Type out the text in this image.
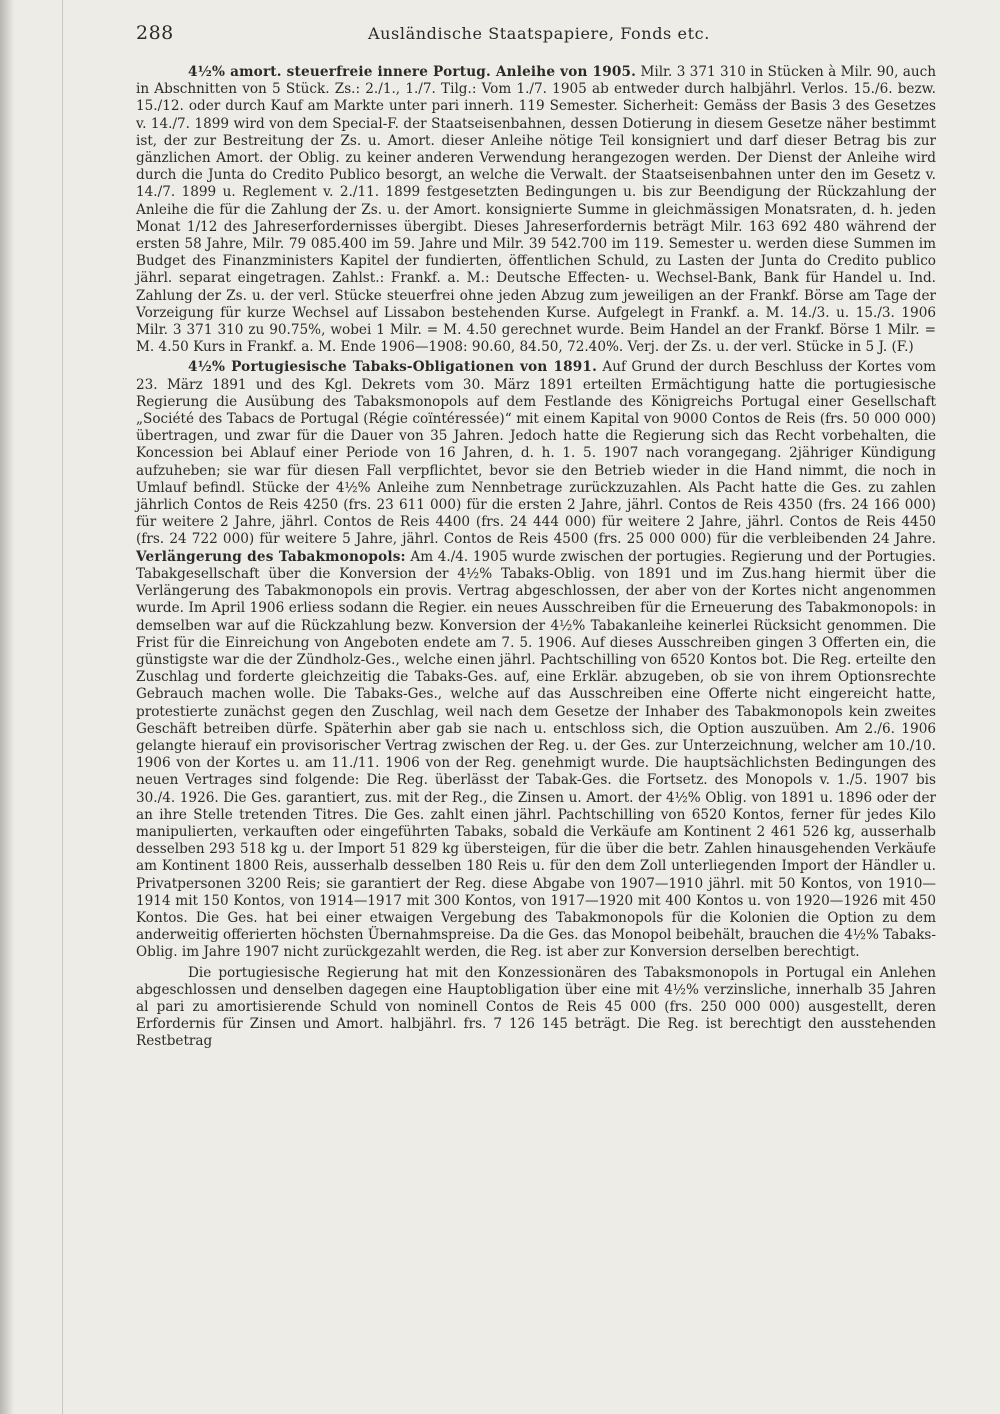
288	Ausländische Staatspapiere, Fonds etc.

4½% amort. steuerfreie innere Portug. Anleihe von 1905. Milr. 3 371 310 in Stücken à Milr. 90, auch in Abschnitten von 5 Stück. Zs.: 2./1., 1./7. Tilg.: Vom 1./7. 1905 ab entweder durch halbjährl. Verlos. 15./6. bezw. 15./12. oder durch Kauf am Markte unter pari innerh. 119 Semester. Sicherheit: Gemäss der Basis 3 des Gesetzes v. 14./7. 1899 wird von dem Special-F. der Staatseisenbahnen, dessen Dotierung in diesem Gesetze näher bestimmt ist, der zur Bestreitung der Zs. u. Amort. dieser Anleihe nötige Teil konsigniert und darf dieser Betrag bis zur gänzlichen Amort. der Oblig. zu keiner anderen Verwendung herangezogen werden. Der Dienst der Anleihe wird durch die Junta do Credito Publico besorgt, an welche die Verwalt. der Staatseisenbahnen unter den im Gesetz v. 14./7. 1899 u. Reglement v. 2./11. 1899 festgesetzten Bedingungen u. bis zur Beendigung der Rückzahlung der Anleihe die für die Zahlung der Zs. u. der Amort. konsignierte Summe in gleichmässigen Monatsraten, d. h. jeden Monat 1/12 des Jahreserfordernisses übergibt. Dieses Jahreserfordernis beträgt Milr. 163 692 480 während der ersten 58 Jahre, Milr. 79 085.400 im 59. Jahre und Milr. 39 542.700 im 119. Semester u. werden diese Summen im Budget des Finanzministers Kapitel der fundierten, öffentlichen Schuld, zu Lasten der Junta do Credito publico jährl. separat eingetragen. Zahlst.: Frankf. a. M.: Deutsche Effecten- u. Wechsel-Bank, Bank für Handel u. Ind. Zahlung der Zs. u. der verl. Stücke steuerfrei ohne jeden Abzug zum jeweiligen an der Frankf. Börse am Tage der Vorzeigung für kurze Wechsel auf Lissabon bestehenden Kurse. Aufgelegt in Frankf. a. M. 14./3. u. 15./3. 1906 Milr. 3 371 310 zu 90.75%, wobei 1 Milr. = M. 4.50 gerechnet wurde. Beim Handel an der Frankf. Börse 1 Milr. = M. 4.50 Kurs in Frankf. a. M. Ende 1906—1908: 90.60, 84.50, 72.40%. Verj. der Zs. u. der verl. Stücke in 5 J. (F.)

4½% Portugiesische Tabaks-Obligationen von 1891. Auf Grund der durch Beschluss der Kortes vom 23. März 1891 und des Kgl. Dekrets vom 30. März 1891 erteilten Ermächtigung hatte die portugiesische Regierung die Ausübung des Tabaksmonopols auf dem Festlande des Königreichs Portugal einer Gesellschaft „Société des Tabacs de Portugal (Régie coïntéressée)“ mit einem Kapital von 9000 Contos de Reis (frs. 50 000 000) übertragen, und zwar für die Dauer von 35 Jahren. Jedoch hatte die Regierung sich das Recht vorbehalten, die Koncession bei Ablauf einer Periode von 16 Jahren, d. h. 1. 5. 1907 nach vorangegang. 2jähriger Kündigung aufzuheben; sie war für diesen Fall verpflichtet, bevor sie den Betrieb wieder in die Hand nimmt, die noch in Umlauf befindl. Stücke der 4½% Anleihe zum Nennbetrage zurückzuzahlen. Als Pacht hatte die Ges. zu zahlen jährlich Contos de Reis 4250 (frs. 23 611 000) für die ersten 2 Jahre, jährl. Contos de Reis 4350 (frs. 24 166 000) für weitere 2 Jahre, jährl. Contos de Reis 4400 (frs. 24 444 000) für weitere 2 Jahre, jährl. Contos de Reis 4450 (frs. 24 722 000) für weitere 5 Jahre, jährl. Contos de Reis 4500 (frs. 25 000 000) für die verbleibenden 24 Jahre. Verlängerung des Tabakmonopols: Am 4./4. 1905 wurde zwischen der portugies. Regierung und der Portugies. Tabakgesellschaft über die Konversion der 4½% Tabaks-Oblig. von 1891 und im Zus.hang hiermit über die Verlängerung des Tabakmonopols ein provis. Vertrag abgeschlossen, der aber von der Kortes nicht angenommen wurde. Im April 1906 erliess sodann die Regier. ein neues Ausschreiben für die Erneuerung des Tabakmonopols: in demselben war auf die Rückzahlung bezw. Konversion der 4½% Tabakanleihe keinerlei Rücksicht genommen. Die Frist für die Einreichung von Angeboten endete am 7. 5. 1906. Auf dieses Ausschreiben gingen 3 Offerten ein, die günstigste war die der Zündholz-Ges., welche einen jährl. Pachtschilling von 6520 Kontos bot. Die Reg. erteilte den Zuschlag und forderte gleichzeitig die Tabaks-Ges. auf, eine Erklär. abzugeben, ob sie von ihrem Optionsrechte Gebrauch machen wolle. Die Tabaks-Ges., welche auf das Ausschreiben eine Offerte nicht eingereicht hatte, protestierte zunächst gegen den Zuschlag, weil nach dem Gesetze der Inhaber des Tabakmonopols kein zweites Geschäft betreiben dürfe. Späterhin aber gab sie nach u. entschloss sich, die Option auszuüben. Am 2./6. 1906 gelangte hierauf ein provisorischer Vertrag zwischen der Reg. u. der Ges. zur Unterzeichnung, welcher am 10./10. 1906 von der Kortes u. am 11./11. 1906 von der Reg. genehmigt wurde. Die hauptsächlichsten Bedingungen des neuen Vertrages sind folgende: Die Reg. überlässt der Tabak-Ges. die Fortsetz. des Monopols v. 1./5. 1907 bis 30./4. 1926. Die Ges. garantiert, zus. mit der Reg., die Zinsen u. Amort. der 4½% Oblig. von 1891 u. 1896 oder der an ihre Stelle tretenden Titres. Die Ges. zahlt einen jährl. Pachtschilling von 6520 Kontos, ferner für jedes Kilo manipulierten, verkauften oder eingeführten Tabaks, sobald die Verkäufe am Kontinent 2 461 526 kg, ausserhalb desselben 293 518 kg u. der Import 51 829 kg übersteigen, für die über die betr. Zahlen hinausgehenden Verkäufe am Kontinent 1800 Reis, ausserhalb desselben 180 Reis u. für den dem Zoll unterliegenden Import der Händler u. Privatpersonen 3200 Reis; sie garantiert der Reg. diese Abgabe von 1907—1910 jährl. mit 50 Kontos, von 1910—1914 mit 150 Kontos, von 1914—1917 mit 300 Kontos, von 1917—1920 mit 400 Kontos u. von 1920—1926 mit 450 Kontos. Die Ges. hat bei einer etwaigen Vergebung des Tabakmonopols für die Kolonien die Option zu dem anderweitig offerierten höchsten Übernahmspreise. Da die Ges. das Monopol beibehält, brauchen die 4½% Tabaks-Oblig. im Jahre 1907 nicht zurückgezahlt werden, die Reg. ist aber zur Konversion derselben berechtigt.

Die portugiesische Regierung hat mit den Konzessionären des Tabaksmonopols in Portugal ein Anlehen abgeschlossen und denselben dagegen eine Hauptobligation über eine mit 4½% verzinsliche, innerhalb 35 Jahren al pari zu amortisierende Schuld von nominell Contos de Reis 45 000 (frs. 250 000 000) ausgestellt, deren Erfordernis für Zinsen und Amort. halbjährl. frs. 7 126 145 beträgt. Die Reg. ist berechtigt den ausstehenden Restbetrag
